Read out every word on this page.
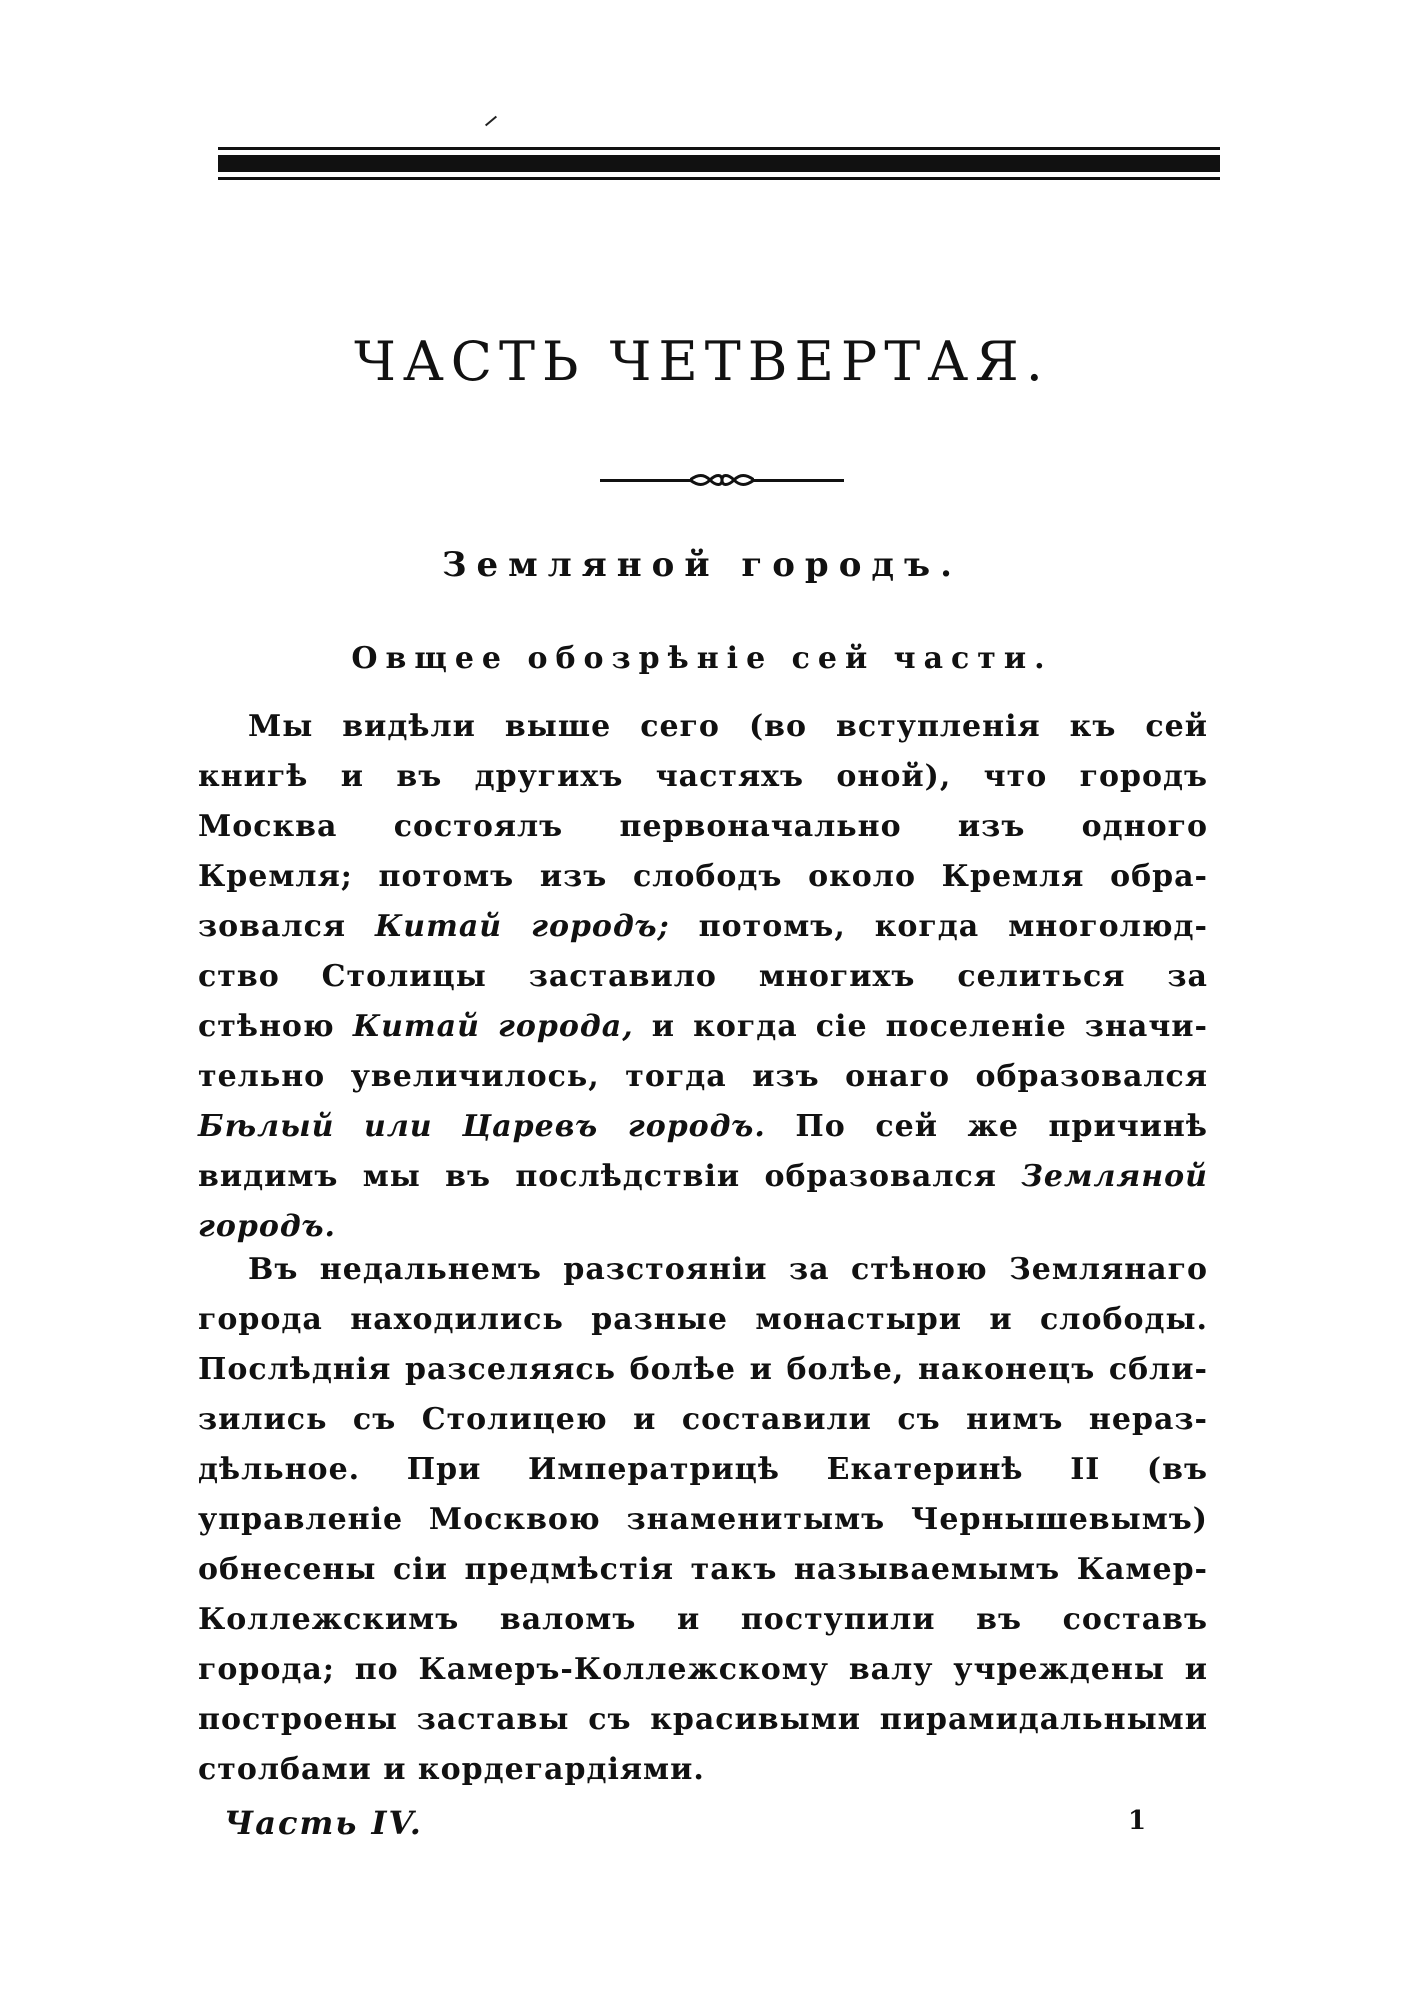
ЧАСТЬ ЧЕТВЕРТАЯ.
Земляной городъ.
Овщее обозрѣніе сей части.
Мы видѣли выше сего (во вступленія къ сей
книгѣ и въ другихъ частяхъ оной), что городъ
Москва состоялъ первоначально изъ одного
Кремля; потомъ изъ слободъ около Кремля обра-
зовался Китай городъ; потомъ, когда многолюд-
ство Столицы заставило многихъ селиться за
стѣною Китай города, и когда сіе поселеніе значи-
тельно увеличилось, тогда изъ онаго образовался
Бѣлый или Царевъ городъ. По сей же причинѣ
видимъ мы въ послѣдствіи образовался Земляной
городъ.
Въ недальнемъ разстояніи за стѣною Землянаго
города находились разные монастыри и слободы.
Послѣднія разселяясь болѣе и болѣе, наконецъ сбли-
зились съ Столицею и составили съ нимъ нераз-
дѣльное. При Императрицѣ Екатеринѣ II (въ
управленіе Москвою знаменитымъ Чернышевымъ)
обнесены сіи предмѣстія такъ называемымъ Камер-
Коллежскимъ валомъ и поступили въ составъ
города; по Камеръ-Коллежскому валу учреждены и
построены заставы съ красивыми пирамидальными
столбами и кордегардіями.
Часть IV.	1
